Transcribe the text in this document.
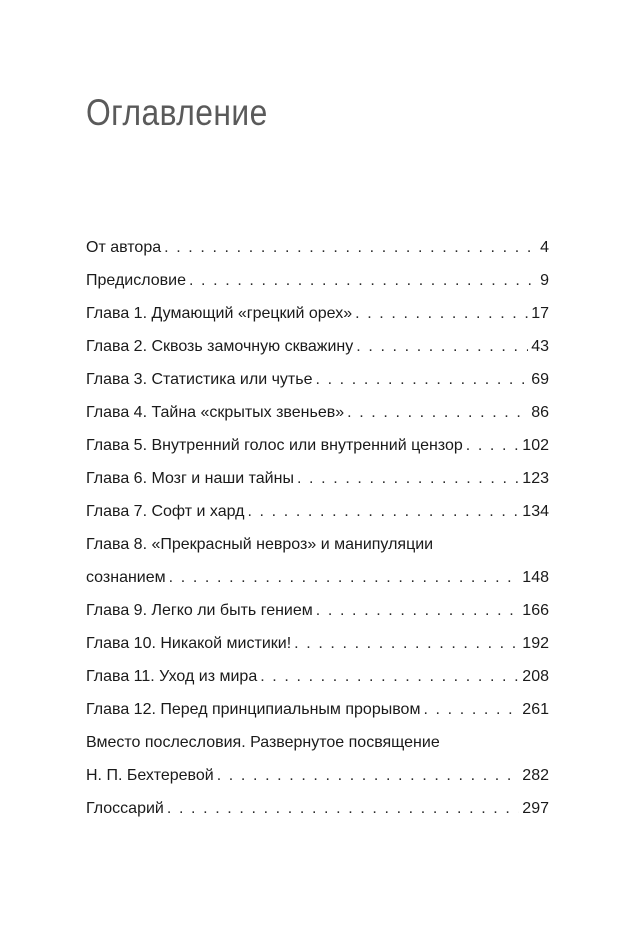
Оглавление
От автора . . .	4
Предисловие . . .	9
Глава 1. Думающий «грецкий орех» . . .	17
Глава 2. Сквозь замочную скважину . . .	43
Глава 3. Статистика или чутье . . .	69
Глава 4. Тайна «скрытых звеньев» . . .	86
Глава 5. Внутренний голос или внутренний цензор . . .	102
Глава 6. Мозг и наши тайны . . .	123
Глава 7. Софт и хард . . .	134
Глава 8. «Прекрасный невроз» и манипуляции
сознанием . . .	148
Глава 9. Легко ли быть гением . . .	166
Глава 10. Никакой мистики! . . .	192
Глава 11. Уход из мира . . .	208
Глава 12. Перед принципиальным прорывом . . .	261
Вместо послесловия. Развернутое посвящение
Н. П. Бехтеревой . . .	282
Глоссарий . . .	297
